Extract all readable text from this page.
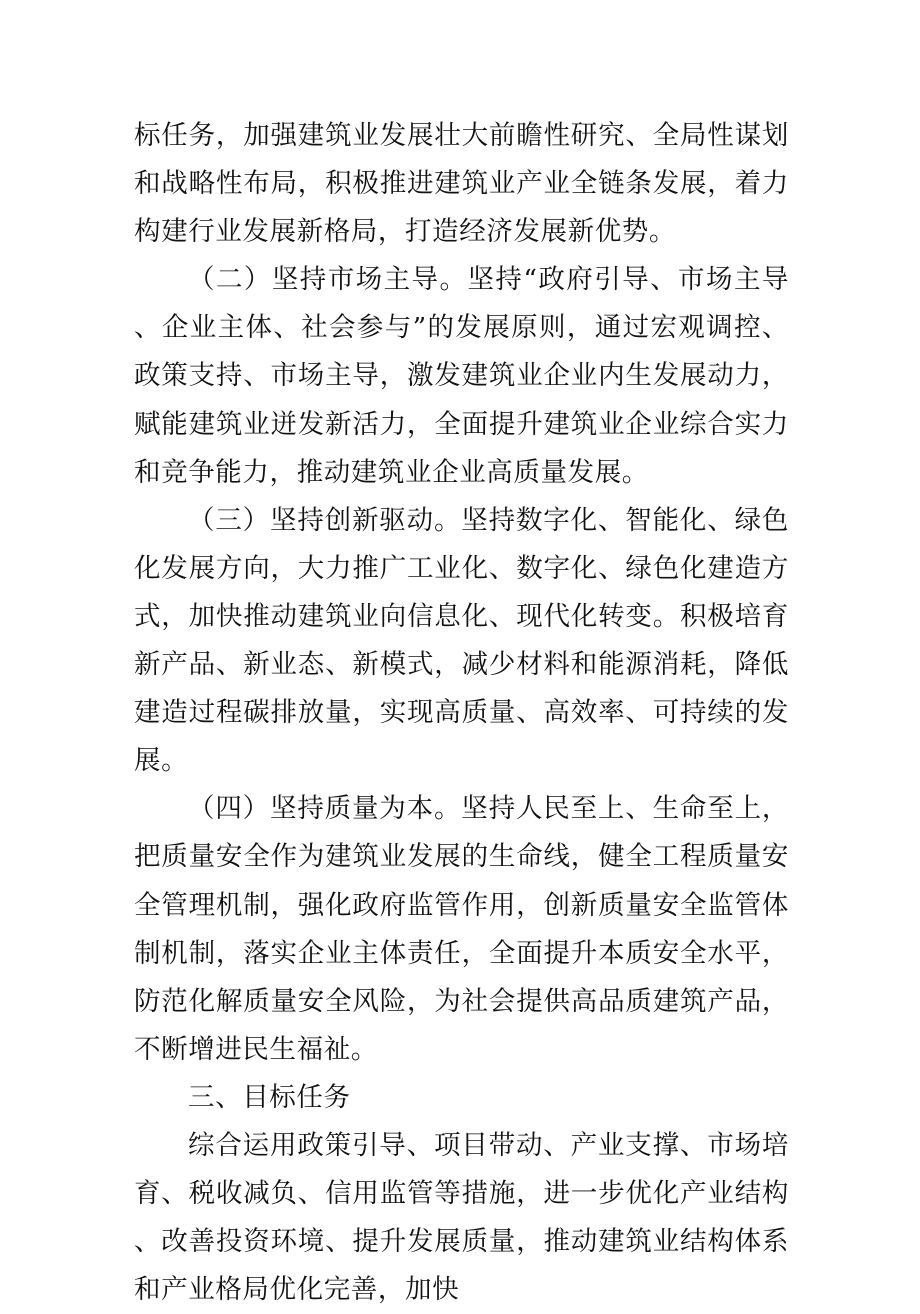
标任务，加强建筑业发展壮大前瞻性研究、全局性谋划和战略性布局，积极推进建筑业产业全链条发展，着力构建行业发展新格局，打造经济发展新优势。

（二）坚持市场主导。坚持“政府引导、市场主导、企业主体、社会参与”的发展原则，通过宏观调控、政策支持、市场主导，激发建筑业企业内生发展动力，赋能建筑业迸发新活力，全面提升建筑业企业综合实力和竞争能力，推动建筑业企业高质量发展。

（三）坚持创新驱动。坚持数字化、智能化、绿色化发展方向，大力推广工业化、数字化、绿色化建造方式，加快推动建筑业向信息化、现代化转变。积极培育新产品、新业态、新模式，减少材料和能源消耗，降低建造过程碳排放量，实现高质量、高效率、可持续的发展。

（四）坚持质量为本。坚持人民至上、生命至上，把质量安全作为建筑业发展的生命线，健全工程质量安全管理机制，强化政府监管作用，创新质量安全监管体制机制，落实企业主体责任，全面提升本质安全水平，防范化解质量安全风险，为社会提供高品质建筑产品，不断增进民生福祉。

三、目标任务

综合运用政策引导、项目带动、产业支撑、市场培育、税收减负、信用监管等措施，进一步优化产业结构、改善投资环境、提升发展质量，推动建筑业结构体系和产业格局优化完善，加快
